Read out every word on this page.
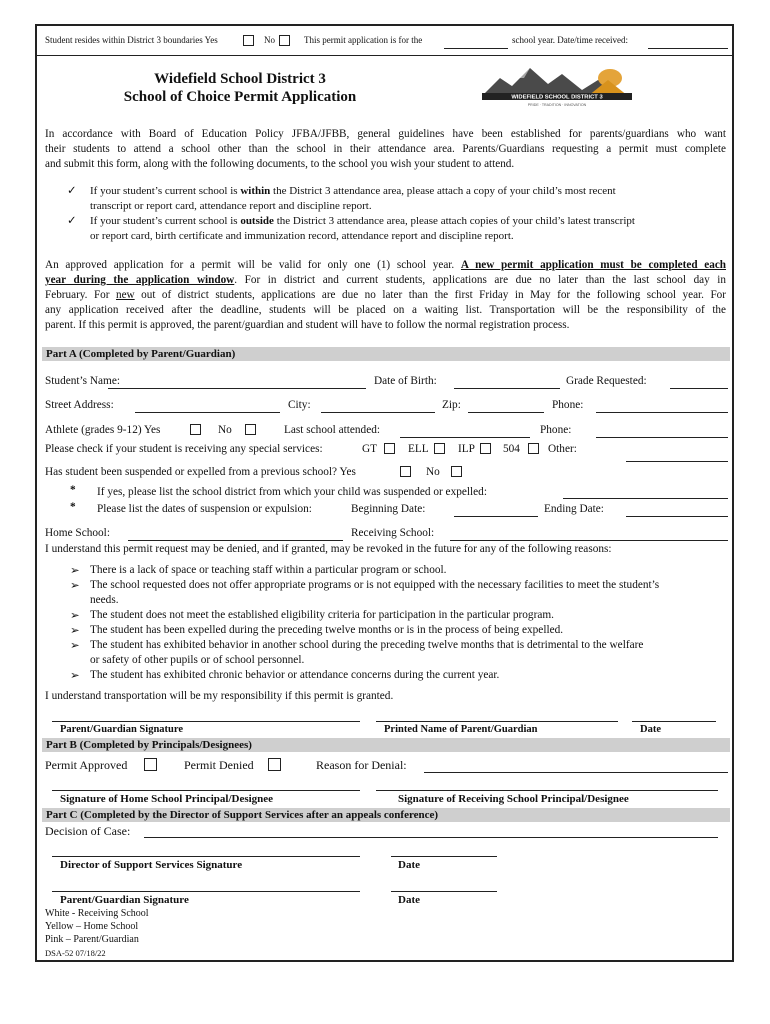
Student resides within District 3 boundaries Yes	No	This permit application is for the	school year. Date/time received:
Widefield School District 3
School of Choice Permit Application	WIDEFIELD SCHOOL DISTRICT 3
PRIDE · TRADITION · INNOVATION
In accordance with Board of Education Policy JFBA/JFBB, general guidelines have been established for parents/guardians who want
their students to attend a school other than the school in their attendance area. Parents/Guardians requesting a permit must complete
and submit this form, along with the following documents, to the school you wish your student to attend.
✓ If your student’s current school is within the District 3 attendance area, please attach a copy of your child’s most recent
transcript or report card, attendance report and discipline report.
✓ If your student’s current school is outside the District 3 attendance area, please attach copies of your child’s latest transcript
or report card, birth certificate and immunization record, attendance report and discipline report.
An approved application for a permit will be valid for only one (1) school year. A new permit application must be completed each
year during the application window. For in district and current students, applications are due no later than the last school day in
February. For new out of district students, applications are due no later than the first Friday in May for the following school year. For
any application received after the deadline, students will be placed on a waiting list. Transportation will be the responsibility of the
parent. If this permit is approved, the parent/guardian and student will have to follow the normal registration process.
Part A (Completed by Parent/Guardian)
Student’s Name:	Date of Birth:	Grade Requested:
Street Address:	City:	Zip:	Phone:
Athlete (grades 9-12) Yes	No	Last school attended:	Phone:
Please check if your student is receiving any special services:	GT	ELL	ILP 504 Other:
Has student been suspended or expelled from a previous school? Yes	No
* If yes, please list the school district from which your child was suspended or expelled:
* Please list the dates of suspension or expulsion:	Beginning Date:	Ending Date:
Home School:	Receiving School:
I understand this permit request may be denied, and if granted, may be revoked in the future for any of the following reasons:
➢ There is a lack of space or teaching staff within a particular program or school.
➢ The school requested does not offer appropriate programs or is not equipped with the necessary facilities to meet the student’s
needs.
➢ The student does not meet the established eligibility criteria for participation in the particular program.
➢ The student has been expelled during the preceding twelve months or is in the process of being expelled.
➢ The student has exhibited behavior in another school during the preceding twelve months that is detrimental to the welfare
or safety of other pupils or of school personnel.
➢ The student has exhibited chronic behavior or attendance concerns during the current year.
I understand transportation will be my responsibility if this permit is granted.
Parent/Guardian Signature	Printed Name of Parent/Guardian	Date
Part B (Completed by Principals/Designees)
Permit Approved	Permit Denied	Reason for Denial:
Signature of Home School Principal/Designee	Signature of Receiving School Principal/Designee
Part C (Completed by the Director of Support Services after an appeals conference)
Decision of Case:
Director of Support Services Signature	Date
Parent/Guardian Signature	Date
White - Receiving School
Yellow – Home School
Pink – Parent/Guardian
DSA-52 07/18/22
